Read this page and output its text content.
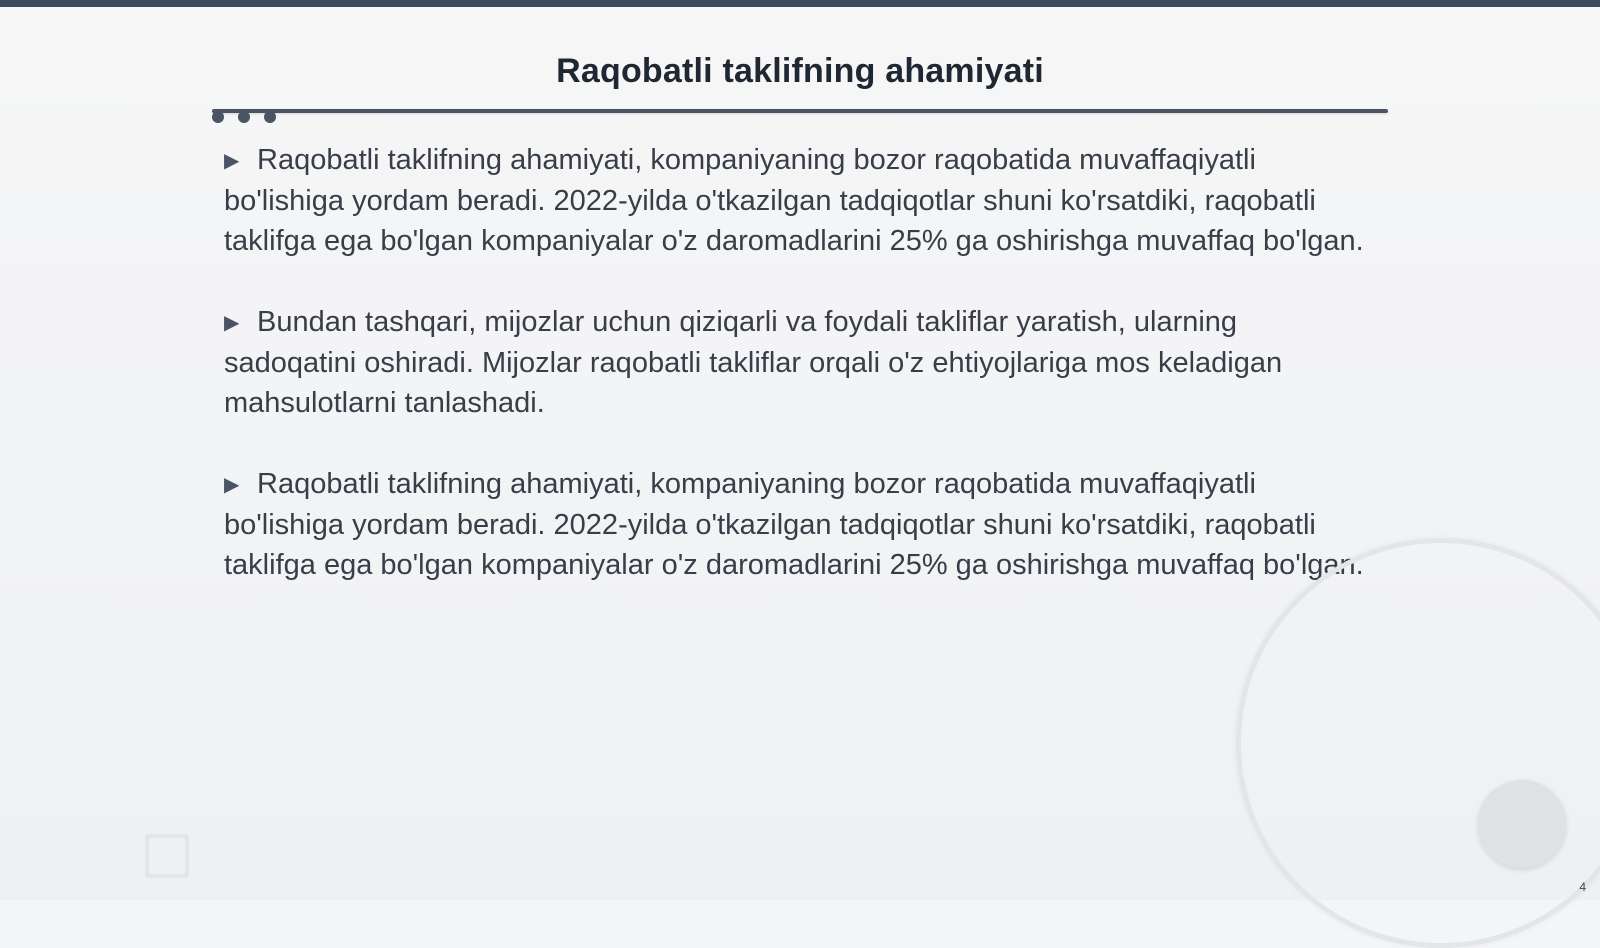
Raqobatli taklifning ahamiyati

▶ Raqobatli taklifning ahamiyati, kompaniyaning bozor raqobatida muvaffaqiyatli bo'lishiga yordam beradi. 2022-yilda o'tkazilgan tadqiqotlar shuni ko'rsatdiki, raqobatli taklifga ega bo'lgan kompaniyalar o'z daromadlarini 25% ga oshirishga muvaffaq bo'lgan.

▶ Bundan tashqari, mijozlar uchun qiziqarli va foydali takliflar yaratish, ularning sadoqatini oshiradi. Mijozlar raqobatli takliflar orqali o'z ehtiyojlariga mos keladigan mahsulotlarni tanlashadi.

▶ Raqobatli taklifning ahamiyati, kompaniyaning bozor raqobatida muvaffaqiyatli bo'lishiga yordam beradi. 2022-yilda o'tkazilgan tadqiqotlar shuni ko'rsatdiki, raqobatli taklifga ega bo'lgan kompaniyalar o'z daromadlarini 25% ga oshirishga muvaffaq bo'lgan.

4
